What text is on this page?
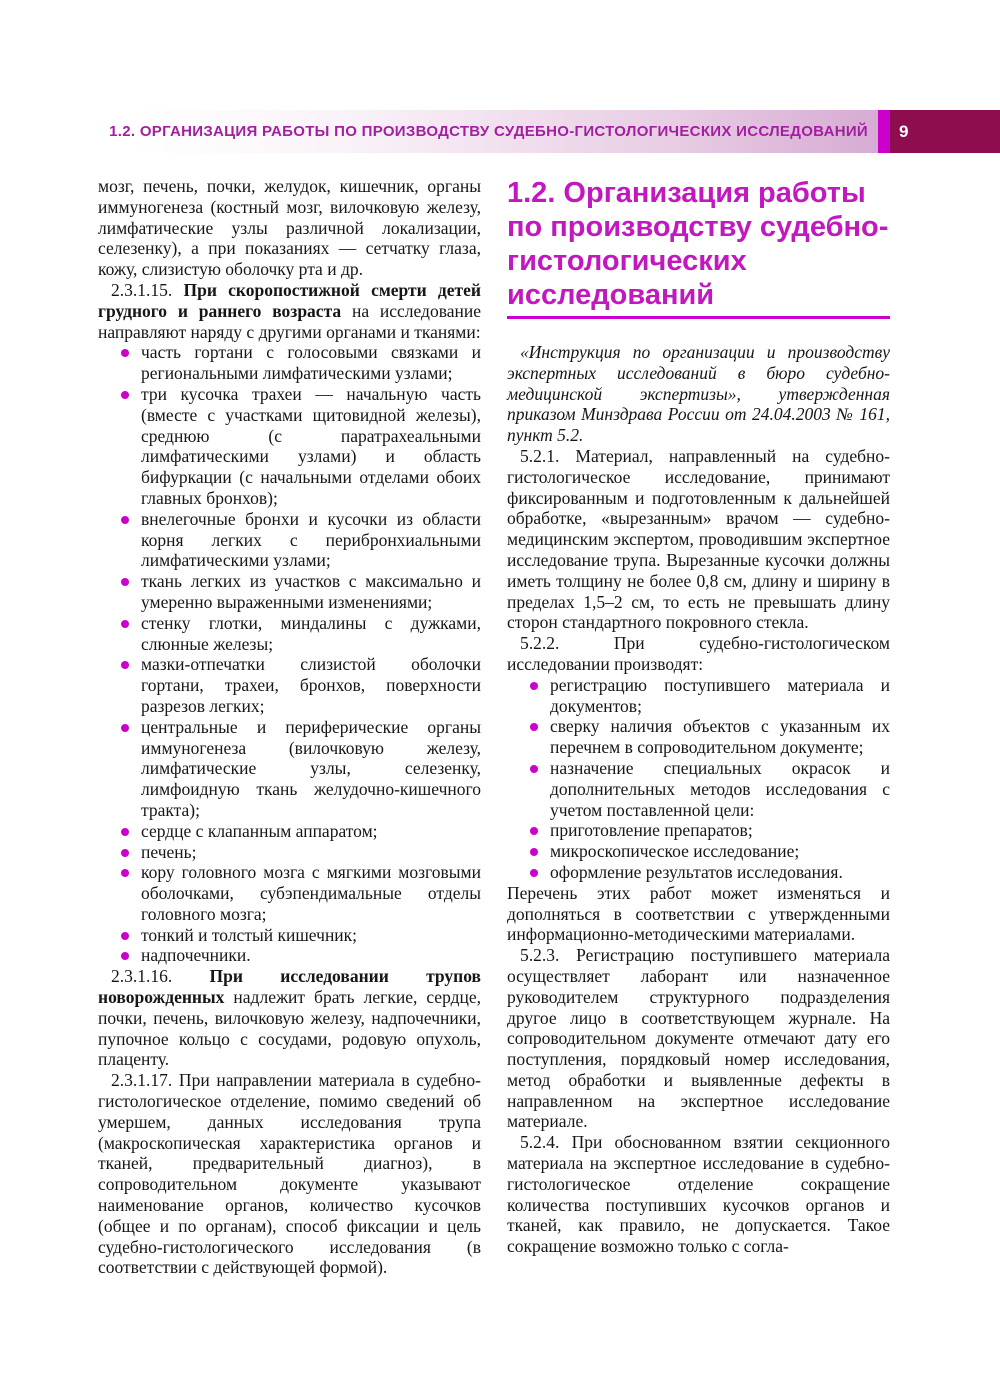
1.2. ОРГАНИЗАЦИЯ РАБОТЫ ПО ПРОИЗВОДСТВУ СУДЕБНО-ГИСТОЛОГИЧЕСКИХ ИССЛЕДОВАНИЙ 9

мозг, печень, почки, желудок, кишечник, органы иммуногенеза (костный мозг, вилочковую железу, лимфатические узлы различной локализации, селезенку), а при показаниях — сетчатку глаза, кожу, слизистую оболочку рта и др.

2.3.1.15. При скоропостижной смерти детей грудного и раннего возраста на исследование направляют наряду с другими органами и тканями:

часть гортани с голосовыми связками и региональными лимфатическими узлами;
три кусочка трахеи — начальную часть (вместе с участками щитовидной железы), среднюю (с паратрахеальными лимфатическими узлами) и область бифуркации (с начальными отделами обоих главных бронхов);
внелегочные бронхи и кусочки из области корня легких с перибронхиальными лимфатическими узлами;
ткань легких из участков с максимально и умеренно выраженными изменениями;
стенку глотки, миндалины с дужками, слюнные железы;
мазки-отпечатки слизистой оболочки гортани, трахеи, бронхов, поверхности разрезов легких;
центральные и периферические органы иммуногенеза (вилочковую железу, лимфатические узлы, селезенку, лимфоидную ткань желудочно-кишечного тракта);
сердце с клапанным аппаратом;
печень;
кору головного мозга с мягкими мозговыми оболочками, субэпендимальные отделы головного мозга;
тонкий и толстый кишечник;
надпочечники.

2.3.1.16. При исследовании трупов новорожденных надлежит брать легкие, сердце, почки, печень, вилочковую железу, надпочечники, пупочное кольцо с сосудами, родовую опухоль, плаценту.

2.3.1.17. При направлении материала в судебно-гистологическое отделение, помимо сведений об умершем, данных исследования трупа (макроскопическая характеристика органов и тканей, предварительный диагноз), в сопроводительном документе указывают наименование органов, количество кусочков (общее и по органам), способ фиксации и цель судебно-гистологического исследования (в соответствии с действующей формой).

1.2. Организация работы по производству судебно-гистологических исследований

«Инструкция по организации и производству экспертных исследований в бюро судебно-медицинской экспертизы», утвержденная приказом Минздрава России от 24.04.2003 № 161, пункт 5.2.

5.2.1. Материал, направленный на судебно-гистологическое исследование, принимают фиксированным и подготовленным к дальнейшей обработке, «вырезанным» врачом — судебно-медицинским экспертом, проводившим экспертное исследование трупа. Вырезанные кусочки должны иметь толщину не более 0,8 см, длину и ширину в пределах 1,5–2 см, то есть не превышать длину сторон стандартного покровного стекла.

5.2.2. При судебно-гистологическом исследовании производят:

регистрацию поступившего материала и документов;
сверку наличия объектов с указанным их перечнем в сопроводительном документе;
назначение специальных окрасок и дополнительных методов исследования с учетом поставленной цели:
приготовление препаратов;
микроскопическое исследование;
оформление результатов исследования.

Перечень этих работ может изменяться и дополняться в соответствии с утвержденными информационно-методическими материалами.

5.2.3. Регистрацию поступившего материала осуществляет лаборант или назначенное руководителем структурного подразделения другое лицо в соответствующем журнале. На сопроводительном документе отмечают дату его поступления, порядковый номер исследования, метод обработки и выявленные дефекты в направленном на экспертное исследование материале.

5.2.4. При обоснованном взятии секционного материала на экспертное исследование в судебно-гистологическое отделение сокращение количества поступивших кусочков органов и тканей, как правило, не допускается. Такое сокращение возможно только с согла-
